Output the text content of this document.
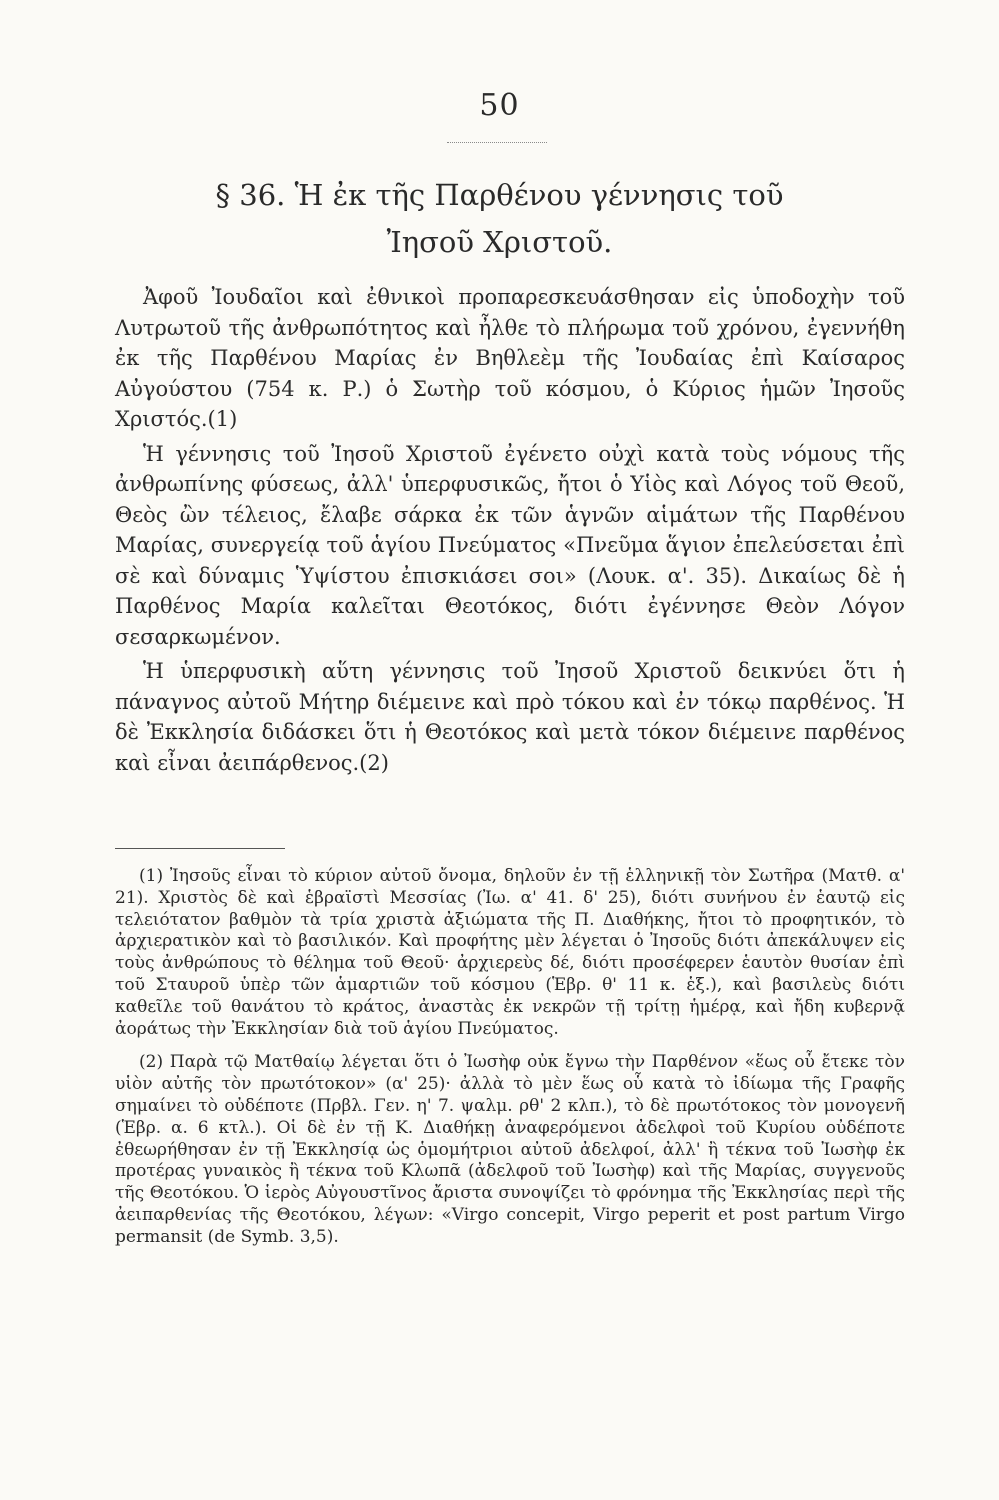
50
§ 36. Ἡ ἐκ τῆς Παρθένου γέννησις τοῦ
Ἰησοῦ Χριστοῦ.

Ἀφοῦ Ἰουδαῖοι καὶ ἐθνικοὶ προπαρεσκευάσθησαν εἰς ὑποδοχὴν τοῦ Λυτρωτοῦ τῆς ἀνθρωπότητος καὶ ἦλθε τὸ πλήρωμα τοῦ χρόνου, ἐγεννήθη ἐκ τῆς Παρθένου Μαρίας ἐν Βηθλεὲμ τῆς Ἰουδαίας ἐπὶ Καίσαρος Αὐγούστου (754 κ. Ρ.) ὁ Σωτὴρ τοῦ κόσμου, ὁ Κύριος ἡμῶν Ἰησοῦς Χριστός.(1)

Ἡ γέννησις τοῦ Ἰησοῦ Χριστοῦ ἐγένετο οὐχὶ κατὰ τοὺς νόμους τῆς ἀνθρωπίνης φύσεως, ἀλλ' ὑπερφυσικῶς, ἤτοι ὁ Υἱὸς καὶ Λόγος τοῦ Θεοῦ, Θεὸς ὢν τέλειος, ἔλαβε σάρκα ἐκ τῶν ἁγνῶν αἱμάτων τῆς Παρθένου Μαρίας, συνεργείᾳ τοῦ ἁγίου Πνεύματος «Πνεῦμα ἅγιον ἐπελεύσεται ἐπὶ σὲ καὶ δύναμις Ὑψίστου ἐπισκιάσει σοι» (Λουκ. α'. 35). Δικαίως δὲ ἡ Παρθένος Μαρία καλεῖται Θεοτόκος, διότι ἐγέννησε Θεὸν Λόγον σεσαρκωμένον.

Ἡ ὑπερφυσικὴ αὕτη γέννησις τοῦ Ἰησοῦ Χριστοῦ δεικνύει ὅτι ἡ πάναγνος αὐτοῦ Μήτηρ διέμεινε καὶ πρὸ τόκου καὶ ἐν τόκῳ παρθένος. Ἡ δὲ Ἐκκλησία διδάσκει ὅτι ἡ Θεοτόκος καὶ μετὰ τόκον διέμεινε παρθένος καὶ εἶναι ἀειπάρθενος.(2)

(1) Ἰησοῦς εἶναι τὸ κύριον αὐτοῦ ὄνομα, δηλοῦν ἐν τῇ ἑλληνικῇ τὸν Σωτῆρα (Ματθ. α' 21). Χριστὸς δὲ καὶ ἑβραϊστὶ Μεσσίας (Ἰω. α' 41. δ' 25), διότι συνήνου ἐν ἑαυτῷ εἰς τελειότατον βαθμὸν τὰ τρία χριστὰ ἀξιώματα τῆς Π. Διαθήκης, ἤτοι τὸ προφητικόν, τὸ ἀρχιερατικὸν καὶ τὸ βασιλικόν. Καὶ προφήτης μὲν λέγεται ὁ Ἰησοῦς διότι ἀπεκάλυψεν εἰς τοὺς ἀνθρώπους τὸ θέλημα τοῦ Θεοῦ· ἀρχιερεὺς δέ, διότι προσέφερεν ἑαυτὸν θυσίαν ἐπὶ τοῦ Σταυροῦ ὑπὲρ τῶν ἁμαρτιῶν τοῦ κόσμου (Ἑβρ. θ' 11 κ. ἑξ.), καὶ βασιλεὺς διότι καθεῖλε τοῦ θανάτου τὸ κράτος, ἀναστὰς ἐκ νεκρῶν τῇ τρίτῃ ἡμέρᾳ, καὶ ἤδη κυβερνᾷ ἀοράτως τὴν Ἐκκλησίαν διὰ τοῦ ἁγίου Πνεύματος.

(2) Παρὰ τῷ Ματθαίῳ λέγεται ὅτι ὁ Ἰωσὴφ οὐκ ἔγνω τὴν Παρθένον «ἕως οὗ ἔτεκε τὸν υἱὸν αὐτῆς τὸν πρωτότοκον» (α' 25)· ἀλλὰ τὸ μὲν ἕως οὗ κατὰ τὸ ἰδίωμα τῆς Γραφῆς σημαίνει τὸ οὐδέποτε (Πρβλ. Γεν. η' 7. ψαλμ. ρθ' 2 κλπ.), τὸ δὲ πρωτότοκος τὸν μονογενῆ (Ἑβρ. α. 6 κτλ.). Οἱ δὲ ἐν τῇ Κ. Διαθήκῃ ἀναφερόμενοι ἀδελφοὶ τοῦ Κυρίου οὐδέποτε ἐθεωρήθησαν ἐν τῇ Ἐκκλησίᾳ ὡς ὁμομήτριοι αὐτοῦ ἀδελφοί, ἀλλ' ἢ τέκνα τοῦ Ἰωσὴφ ἐκ προτέρας γυναικὸς ἢ τέκνα τοῦ Κλωπᾶ (ἀδελφοῦ τοῦ Ἰωσὴφ) καὶ τῆς Μαρίας, συγγενοῦς τῆς Θεοτόκου. Ὁ ἱερὸς Αὐγουστῖνος ἄριστα συνοψίζει τὸ φρόνημα τῆς Ἐκκλησίας περὶ τῆς ἀειπαρθενίας τῆς Θεοτόκου, λέγων: «Virgo concepit, Virgo peperit et post partum Virgo permansit (de Symb. 3,5).
